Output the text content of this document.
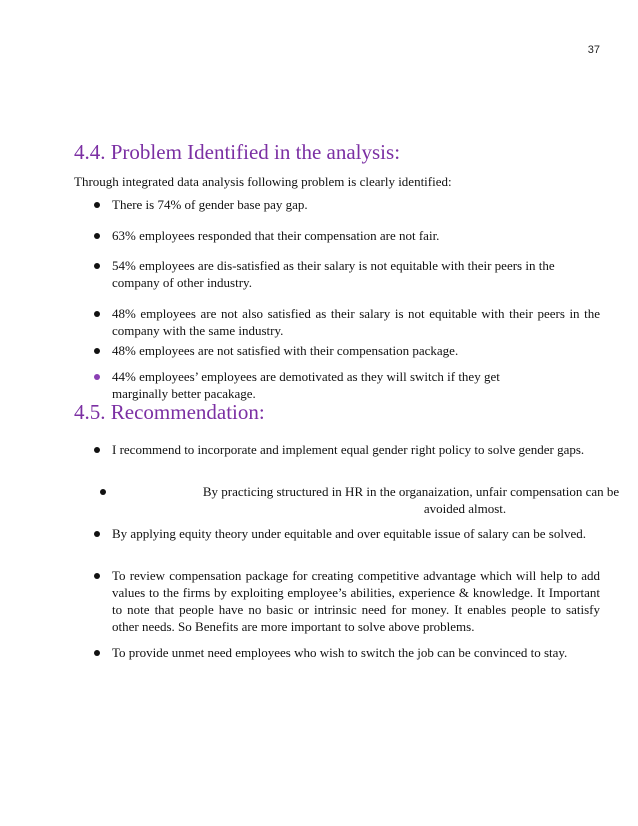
37
4.4. Problem Identified in the analysis:
Through integrated data analysis following problem is clearly identified:
There is 74% of gender base pay gap.
63% employees responded that their compensation are not fair.
54% employees are dis-satisfied as their salary is not equitable with their peers in the company of other industry.
48% employees are not also satisfied as their salary is not equitable with their peers in the company with the same industry.
48% employees are not satisfied with their compensation package.
44% employees’ employees are demotivated as they will switch if they get marginally better pacakage.
4.5. Recommendation:
I recommend to incorporate and implement equal gender right policy to solve gender gaps.
By practicing structured in HR in the organaization, unfair compensation can be avoided almost.
By applying equity theory under equitable and over equitable issue of salary can be solved.
To review compensation package for creating competitive advantage which will help to add values to the firms by exploiting employee’s abilities, experience & knowledge. It Important to note that people have no basic or intrinsic need for money. It enables people to satisfy other needs. So Benefits are more important to solve above problems.
To provide unmet need employees who wish to switch the job can be convinced to stay.
